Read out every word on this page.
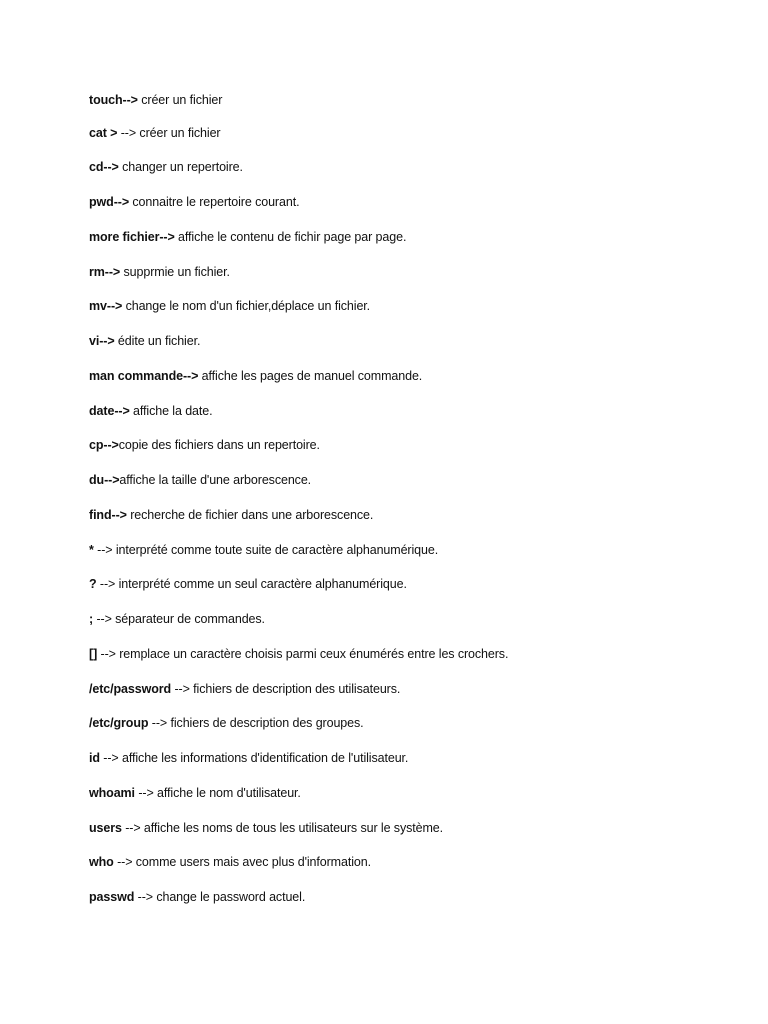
touch--> créer un fichier
cat > --> créer un fichier
cd--> changer un repertoire.
pwd--> connaitre le repertoire courant.
more fichier--> affiche le contenu de fichir page par page.
rm--> supprmie un fichier.
mv--> change le nom d'un fichier,déplace un fichier.
vi--> édite un fichier.
man commande--> affiche les pages de manuel commande.
date--> affiche la date.
cp-->copie des fichiers dans un repertoire.
du-->affiche la taille d'une arborescence.
find--> recherche de fichier dans une arborescence.
* --> interprété comme toute suite de caractère alphanumérique.
? --> interprété comme un seul caractère alphanumérique.
; --> séparateur de commandes.
[] --> remplace un caractère choisis parmi ceux énumérés entre les crochers.
/etc/password --> fichiers de description des utilisateurs.
/etc/group --> fichiers de description des groupes.
id --> affiche les informations d'identification de l'utilisateur.
whoami --> affiche le nom d'utilisateur.
users --> affiche les noms de tous les utilisateurs sur le système.
who --> comme users mais avec plus d'information.
passwd --> change le password actuel.
